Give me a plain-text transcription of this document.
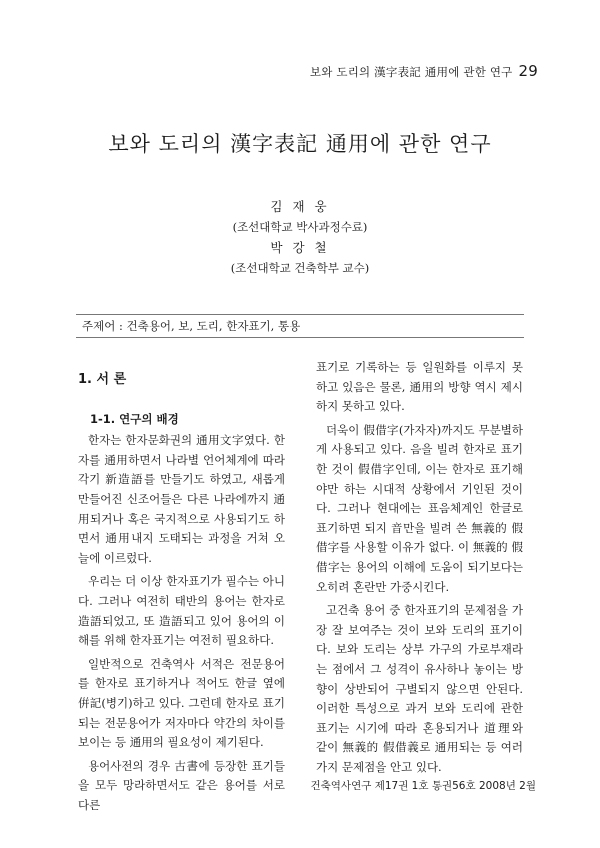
보와 도리의 漢字表記 通用에 관한 연구 29
보와 도리의 漢字表記 通用에 관한 연구
김 재 웅
(조선대학교 박사과정수료)
박 강 철
(조선대학교 건축학부 교수)
주제어 : 건축용어, 보, 도리, 한자표기, 통용
1. 서 론
1-1. 연구의 배경

한자는 한자문화권의 通用文字였다. 한자를 通用하면서 나라별 언어체계에 따라 각기 新造語를 만들기도 하였고, 새롭게 만들어진 신조어들은 다른 나라에까지 通用되거나 혹은 국지적으로 사용되기도 하면서 通用내지 도태되는 과정을 거쳐 오늘에 이르렀다.

우리는 더 이상 한자표기가 필수는 아니다. 그러나 여전히 태반의 용어는 한자로 造語되었고, 또 造語되고 있어 용어의 이해를 위해 한자표기는 여전히 필요하다.

일반적으로 건축역사 서적은 전문용어를 한자로 표기하거나 적어도 한글 옆에 倂記(병기)하고 있다. 그런데 한자로 표기되는 전문용어가 저자마다 약간의 차이를 보이는 등 通用의 필요성이 제기된다.

용어사전의 경우 古書에 등장한 표기들을 모두 망라하면서도 같은 용어를 서로 다른

표기로 기록하는 등 일원화를 이루지 못하고 있음은 물론, 通用의 방향 역시 제시하지 못하고 있다.

더욱이 假借字(가자자)까지도 무분별하게 사용되고 있다. 음을 빌려 한자로 표기한 것이 假借字인데, 이는 한자로 표기해야만 하는 시대적 상황에서 기인된 것이다. 그러나 현대에는 표음체계인 한글로 표기하면 되지 音만을 빌려 쓴 無義的 假借字를 사용할 이유가 없다. 이 無義的 假借字는 용어의 이해에 도움이 되기보다는 오히려 혼란만 가중시킨다.

고건축 용어 중 한자표기의 문제점을 가장 잘 보여주는 것이 보와 도리의 표기이다. 보와 도리는 상부 가구의 가로부재라는 점에서 그 성격이 유사하나 놓이는 방향이 상반되어 구별되지 않으면 안된다. 이러한 특성으로 과거 보와 도리에 관한 표기는 시기에 따라 혼용되거나 道理와 같이 無義的 假借義로 通用되는 등 여러 가지 문제점을 안고 있다.

건축역사연구 제17권 1호 통권56호 2008년 2월
